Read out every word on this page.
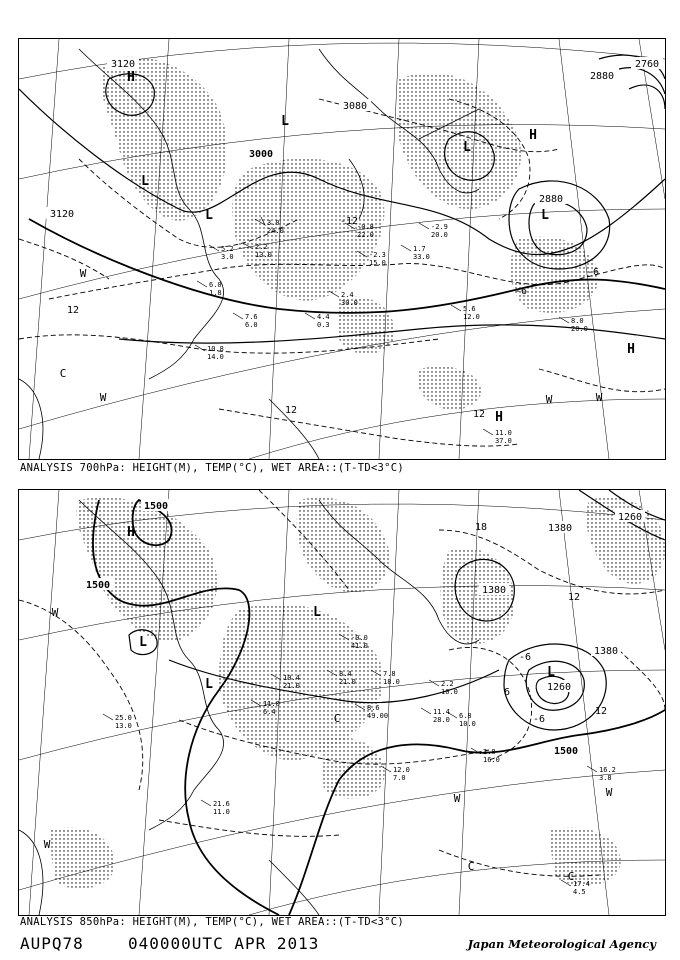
3120
3120
3000
2880
2880
2760
3080
12
12	12
-12
-6
-6
H
L
L
L
L
L
H
H
H
C
W
W	W	W
3.0 24.0
2.2 13.0
-0.8 22.0
-2.9 20.0
5.6 12.0	8.0 20.0
10.8 14.0
11.0 37.0
4.4 0.3
2.4 30.0
-2.3 15.0
1.7 33.0
6.0 1.8
5.2 3.0
7.6 6.0
ANALYSIS 700hPa: HEIGHT(M), TEMP(°C), WET AREA::(T-TD<3°C)
1500
1500
1500
1380
1380
1380
1260
1260
18
12
6
12
-6
-6
H
L
L
L
L
C
C
C
W
W
W	W
25.0 13.0
21.6 11.0
11.0 6.4
10.4 21.0
8.4 21.0
7.8 18.0	2.2 10.0
11.4 28.0 6.8 10.0
12.0 7.0
2.8 16.0
16.2 3.8
17.4 4.5
8.6 49.00
-0.0 41.0
ANALYSIS 850hPa: HEIGHT(M), TEMP(°C), WET AREA::(T-TD<3°C)
AUPQ78	040000UTC APR 2013	Japan Meteorological Agency
